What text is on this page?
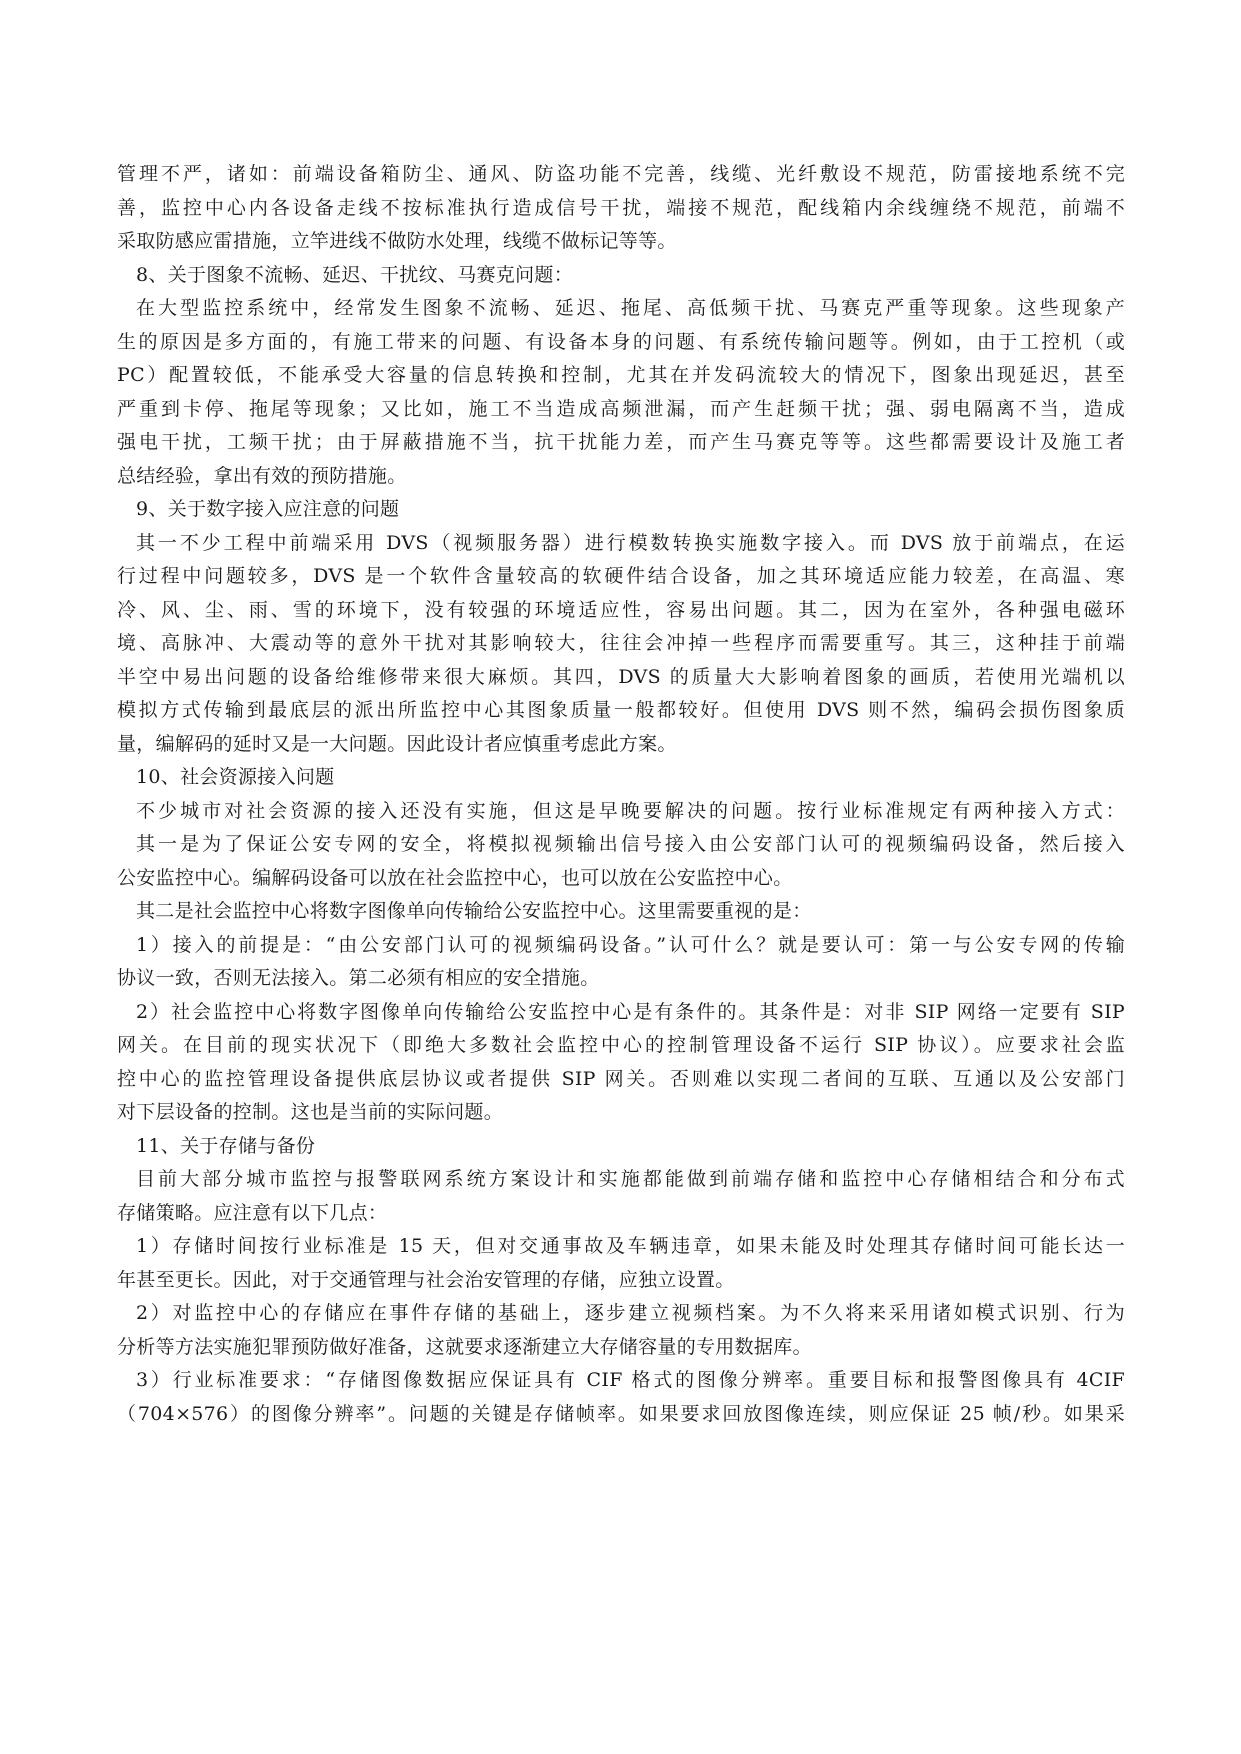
管理不严，诸如：前端设备箱防尘、通风、防盗功能不完善，线缆、光纤敷设不规范，防雷接地系统不完
善，监控中心内各设备走线不按标准执行造成信号干扰，端接不规范，配线箱内余线缠绕不规范，前端不
采取防感应雷措施，立竿进线不做防水处理，线缆不做标记等等。
8、关于图象不流畅、延迟、干扰纹、马赛克问题：
在大型监控系统中，经常发生图象不流畅、延迟、拖尾、高低频干扰、马赛克严重等现象。这些现象产
生的原因是多方面的，有施工带来的问题、有设备本身的问题、有系统传输问题等。例如，由于工控机（或
PC）配置较低，不能承受大容量的信息转换和控制，尤其在并发码流较大的情况下，图象出现延迟，甚至
严重到卡停、拖尾等现象；又比如，施工不当造成高频泄漏，而产生赶频干扰；强、弱电隔离不当，造成
强电干扰，工频干扰；由于屏蔽措施不当，抗干扰能力差，而产生马赛克等等。这些都需要设计及施工者
总结经验，拿出有效的预防措施。
9、关于数字接入应注意的问题
其一不少工程中前端采用 DVS（视频服务器）进行模数转换实施数字接入。而 DVS 放于前端点，在运
行过程中问题较多，DVS 是一个软件含量较高的软硬件结合设备，加之其环境适应能力较差，在高温、寒
冷、风、尘、雨、雪的环境下，没有较强的环境适应性，容易出问题。其二，因为在室外，各种强电磁环
境、高脉冲、大震动等的意外干扰对其影响较大，往往会冲掉一些程序而需要重写。其三，这种挂于前端
半空中易出问题的设备给维修带来很大麻烦。其四，DVS 的质量大大影响着图象的画质，若使用光端机以
模拟方式传输到最底层的派出所监控中心其图象质量一般都较好。但使用 DVS 则不然，编码会损伤图象质
量，编解码的延时又是一大问题。因此设计者应慎重考虑此方案。
10、社会资源接入问题
不少城市对社会资源的接入还没有实施，但这是早晚要解决的问题。按行业标准规定有两种接入方式：
其一是为了保证公安专网的安全，将模拟视频输出信号接入由公安部门认可的视频编码设备，然后接入
公安监控中心。编解码设备可以放在社会监控中心，也可以放在公安监控中心。
其二是社会监控中心将数字图像单向传输给公安监控中心。这里需要重视的是：
1）接入的前提是：“由公安部门认可的视频编码设备。”认可什么？就是要认可：第一与公安专网的传输
协议一致，否则无法接入。第二必须有相应的安全措施。
2）社会监控中心将数字图像单向传输给公安监控中心是有条件的。其条件是：对非 SIP 网络一定要有 SIP
网关。在目前的现实状况下（即绝大多数社会监控中心的控制管理设备不运行 SIP 协议）。应要求社会监
控中心的监控管理设备提供底层协议或者提供 SIP 网关。否则难以实现二者间的互联、互通以及公安部门
对下层设备的控制。这也是当前的实际问题。
11、关于存储与备份
目前大部分城市监控与报警联网系统方案设计和实施都能做到前端存储和监控中心存储相结合和分布式
存储策略。应注意有以下几点：
1）存储时间按行业标准是 15 天，但对交通事故及车辆违章，如果未能及时处理其存储时间可能长达一
年甚至更长。因此，对于交通管理与社会治安管理的存储，应独立设置。
2）对监控中心的存储应在事件存储的基础上，逐步建立视频档案。为不久将来采用诸如模式识别、行为
分析等方法实施犯罪预防做好准备，这就要求逐渐建立大存储容量的专用数据库。
3）行业标准要求：“存储图像数据应保证具有 CIF 格式的图像分辨率。重要目标和报警图像具有 4CIF
（704×576）的图像分辨率”。问题的关键是存储帧率。如果要求回放图像连续，则应保证 25 帧/秒。如果采
